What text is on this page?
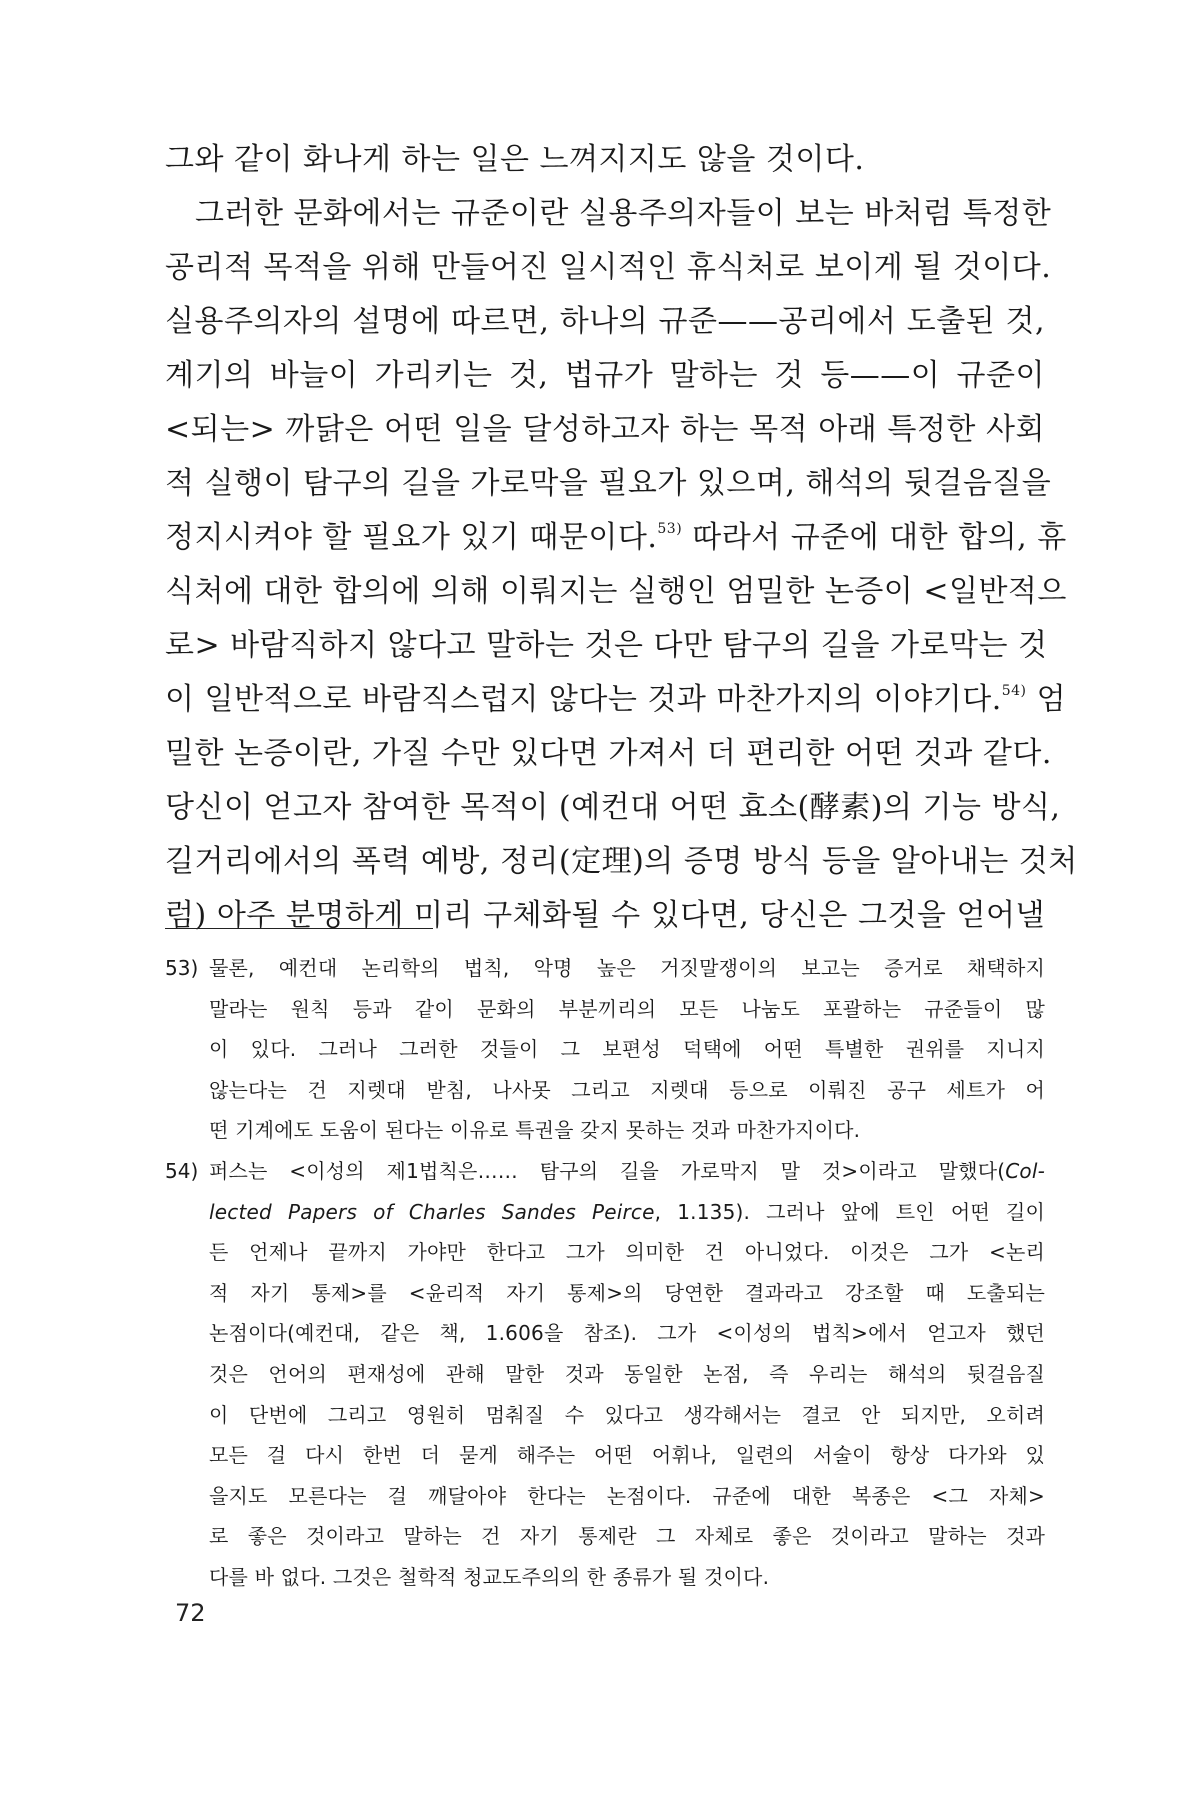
그와 같이 화나게 하는 일은 느껴지지도 않을 것이다.
그러한 문화에서는 규준이란 실용주의자들이 보는 바처럼 특정한
공리적 목적을 위해 만들어진 일시적인 휴식처로 보이게 될 것이다.
실용주의자의 설명에 따르면, 하나의 규준——공리에서 도출된 것,
계기의 바늘이 가리키는 것, 법규가 말하는 것 등——이 규준이
<되는> 까닭은 어떤 일을 달성하고자 하는 목적 아래 특정한 사회
적 실행이 탐구의 길을 가로막을 필요가 있으며, 해석의 뒷걸음질을
정지시켜야 할 필요가 있기 때문이다.$^{53)}$ 따라서 규준에 대한 합의, 휴
식처에 대한 합의에 의해 이뤄지는 실행인 엄밀한 논증이 <일반적으
로> 바람직하지 않다고 말하는 것은 다만 탐구의 길을 가로막는 것
이 일반적으로 바람직스럽지 않다는 것과 마찬가지의 이야기다.$^{54)}$ 엄
밀한 논증이란, 가질 수만 있다면 가져서 더 편리한 어떤 것과 같다.
당신이 얻고자 참여한 목적이 (예컨대 어떤 효소(酵素)의 기능 방식,
길거리에서의 폭력 예방, 정리(定理)의 증명 방식 등을 알아내는 것처
럼) 아주 분명하게 미리 구체화될 수 있다면, 당신은 그것을 얻어낼
53) 물론, 예컨대 논리학의 법칙, 악명 높은 거짓말쟁이의 보고는 증거로 채택하지
말라는 원칙 등과 같이 문화의 부분끼리의 모든 나눔도 포괄하는 규준들이 많
이 있다. 그러나 그러한 것들이 그 보편성 덕택에 어떤 특별한 권위를 지니지
않는다는 건 지렛대 받침, 나사못 그리고 지렛대 등으로 이뤄진 공구 세트가 어
떤 기계에도 도움이 된다는 이유로 특권을 갖지 못하는 것과 마찬가지이다.
54) 퍼스는 <이성의 제1법칙은…… 탐구의 길을 가로막지 말 것>이라고 말했다(Col-
lected Papers of Charles Sandes Peirce, 1.135). 그러나 앞에 트인 어떤 길이
든 언제나 끝까지 가야만 한다고 그가 의미한 건 아니었다. 이것은 그가 <논리
적 자기 통제>를 <윤리적 자기 통제>의 당연한 결과라고 강조할 때 도출되는
논점이다(예컨대, 같은 책, 1.606을 참조). 그가 <이성의 법칙>에서 얻고자 했던
것은 언어의 편재성에 관해 말한 것과 동일한 논점, 즉 우리는 해석의 뒷걸음질
이 단번에 그리고 영원히 멈춰질 수 있다고 생각해서는 결코 안 되지만, 오히려
모든 걸 다시 한번 더 묻게 해주는 어떤 어휘나, 일련의 서술이 항상 다가와 있
을지도 모른다는 걸 깨달아야 한다는 논점이다. 규준에 대한 복종은 <그 자체>
로 좋은 것이라고 말하는 건 자기 통제란 그 자체로 좋은 것이라고 말하는 것과
다를 바 없다. 그것은 철학적 청교도주의의 한 종류가 될 것이다.
72
